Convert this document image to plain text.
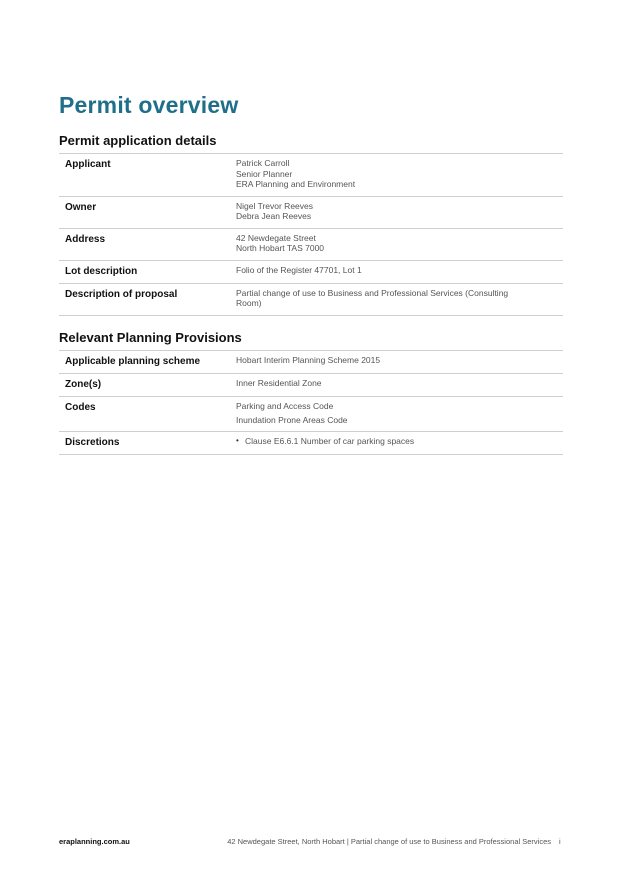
Permit overview
Permit application details
Applicant	Patrick Carroll
Senior Planner
ERA Planning and Environment

Owner	Nigel Trevor Reeves
Debra Jean Reeves

Address	42 Newdegate Street
North Hobart TAS 7000

Lot description	Folio of the Register 47701, Lot 1

Description of proposal	Partial change of use to Business and Professional Services (Consulting
Room)
Relevant Planning Provisions
Applicable planning scheme	Hobart Interim Planning Scheme 2015

Zone(s)	Inner Residential Zone

Codes	Parking and Access Code
Inundation Prone Areas Code

Discretions	• Clause E6.6.1 Number of car parking spaces
eraplanning.com.au	42 Newdegate Street, North Hobart | Partial change of use to Business and Professional Services i
